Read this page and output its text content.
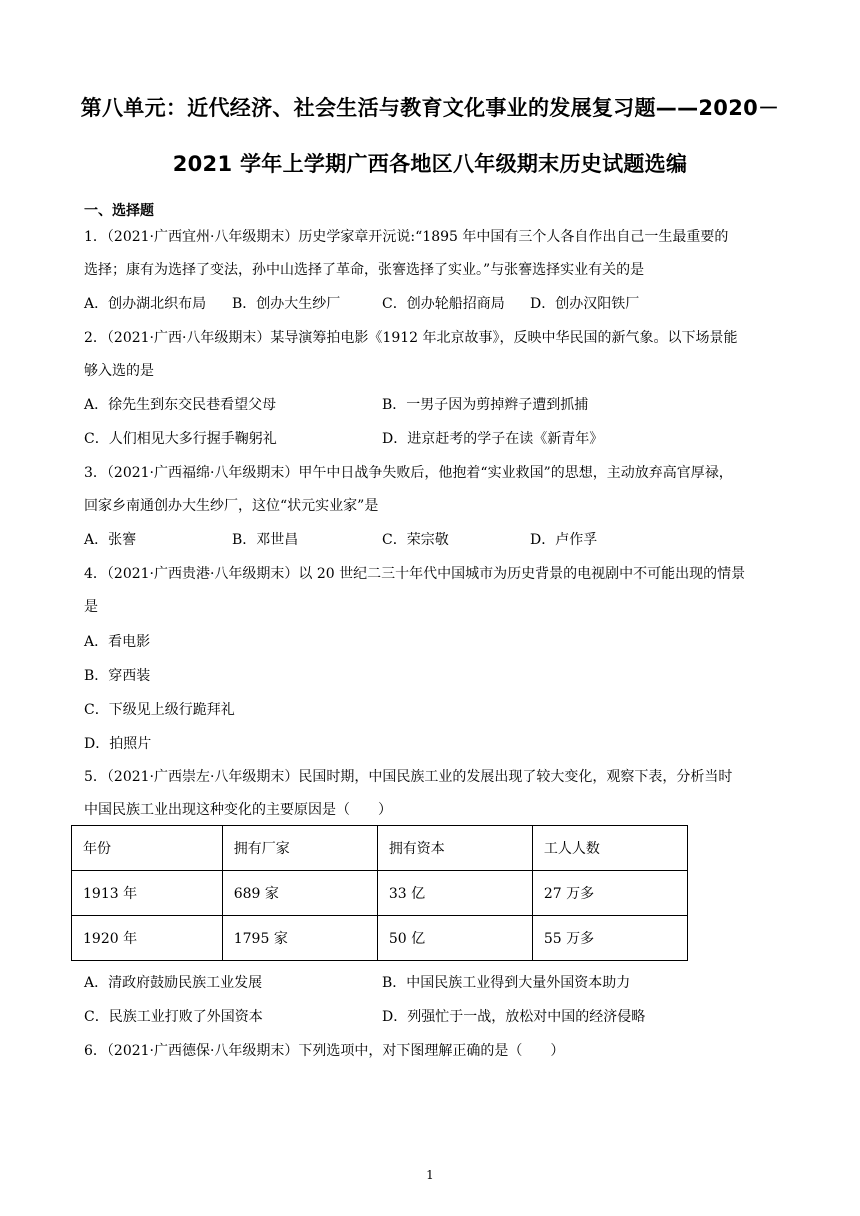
第八单元：近代经济、社会生活与教育文化事业的发展复习题——2020－
2021 学年上学期广西各地区八年级期末历史试题选编
一、选择题
1．（2021·广西宜州·八年级期末）历史学家章开沅说:“1895 年中国有三个人各自作出自己一生最重要的
选择；康有为选择了变法，孙中山选择了革命，张謇选择了实业。”与张謇选择实业有关的是
A．创办湖北织布局 B．创办大生纱厂	C．创办轮船招商局 D．创办汉阳铁厂
2．（2021·广西·八年级期末）某导演筹拍电影《1912 年北京故事》，反映中华民国的新气象。以下场景能
够入选的是
A．徐先生到东交民巷看望父母	B．一男子因为剪掉辫子遭到抓捕
C．人们相见大多行握手鞠躬礼	D．进京赶考的学子在读《新青年》
3．（2021·广西福绵·八年级期末）甲午中日战争失败后，他抱着“实业救国”的思想，主动放弃高官厚禄，
回家乡南通创办大生纱厂，这位“状元实业家”是
A．张謇	B．邓世昌	C．荣宗敬	D．卢作孚
4．（2021·广西贵港·八年级期末）以 20 世纪二三十年代中国城市为历史背景的电视剧中不可能出现的情景
是
A．看电影
B．穿西装
C．下级见上级行跪拜礼
D．拍照片
5．（2021·广西崇左·八年级期末）民国时期，中国民族工业的发展出现了较大变化，观察下表，分析当时
中国民族工业出现这种变化的主要原因是（　　）
年份	拥有厂家	拥有资本	工人人数
1913 年	689 家	33 亿	27 万多
1920 年	1795 家	50 亿	55 万多
A．清政府鼓励民族工业发展	B．中国民族工业得到大量外国资本助力
C．民族工业打败了外国资本	D．列强忙于一战，放松对中国的经济侵略
6．（2021·广西德保·八年级期末）下列选项中，对下图理解正确的是（　　）
1
